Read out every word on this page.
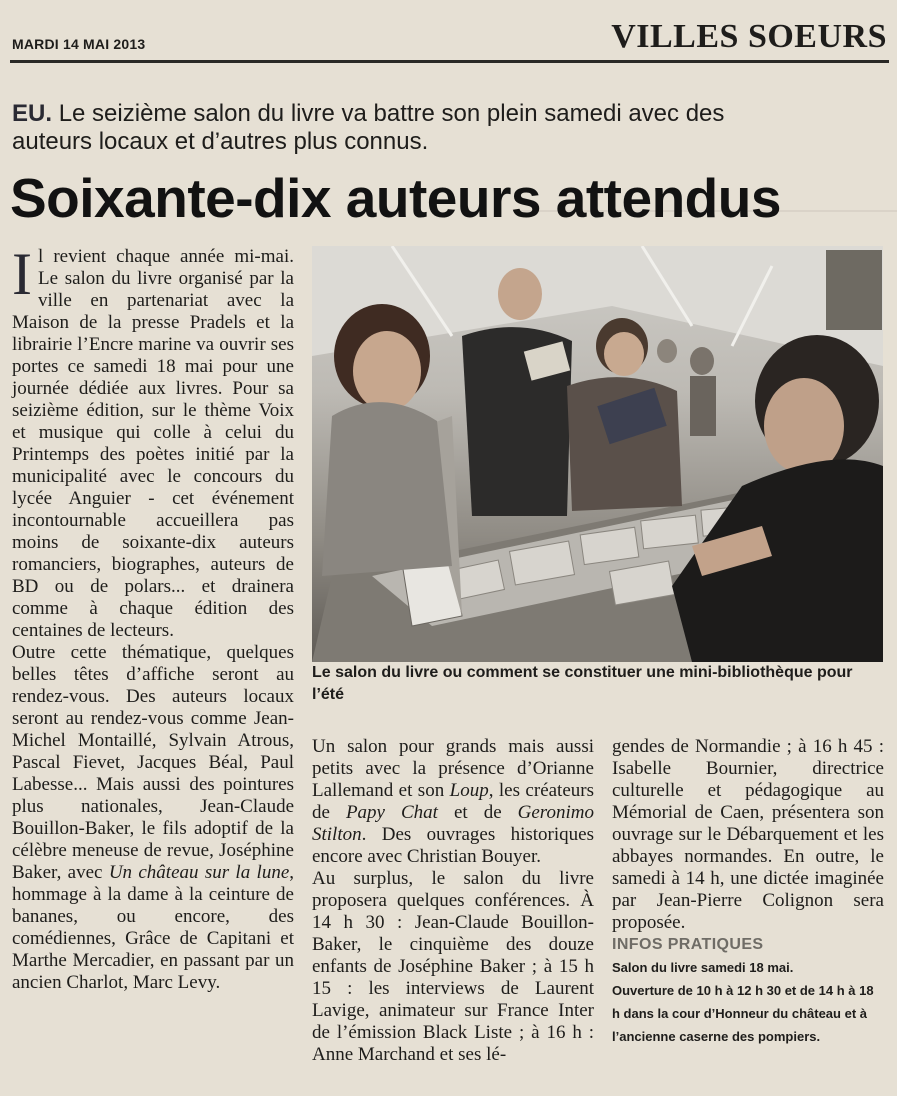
MARDI 14 MAI 2013	VILLES SOEURS
EU. Le seizième salon du livre va battre son plein samedi avec des auteurs locaux et d’autres plus connus.
Soixante-dix auteurs attendus

Il revient chaque année mi-mai. Le salon du livre organisé par la ville en partenariat avec la Maison de la presse Pradels et la librairie l’Encre marine va ouvrir ses portes ce samedi 18 mai pour une journée dédiée aux livres. Pour sa seizième édition, sur le thème Voix et musique qui colle à celui du Printemps des poètes initié par la municipalité avec le concours du lycée Anguier - cet événement incontournable accueillera pas moins de soixante-dix auteurs romanciers, biographes, auteurs de BD ou de polars... et drainera comme à chaque édition des centaines de lecteurs.

Outre cette thématique, quelques belles têtes d’affiche seront au rendez-vous. Des auteurs locaux seront au rendez-vous comme Jean-Michel Montaillé, Sylvain Atrous, Pascal Fievet, Jacques Béal, Paul Labesse... Mais aussi des pointures plus nationales, Jean-Claude Bouillon-Baker, le fils adoptif de la célèbre meneuse de revue, Joséphine Baker, avec Un château sur la lune, hommage à la dame à la ceinture de bananes, ou encore, des comédiennes, Grâce de Capitani et Marthe Mercadier, en passant par un ancien Charlot, Marc Levy.

Le salon du livre ou comment se constituer une mini-bibliothèque pour l’été

Un salon pour grands mais aussi petits avec la présence d’Orianne Lallemand et son Loup, les créateurs de Papy Chat et de Geronimo Stilton. Des ouvrages historiques encore avec Christian Bouyer.

Au surplus, le salon du livre proposera quelques conférences. À 14 h 30 : Jean-Claude Bouillon-Baker, le cinquième des douze enfants de Joséphine Baker ; à 15 h 15 : les interviews de Laurent Lavige, animateur sur France Inter de l’émission Black Liste ; à 16 h : Anne Marchand et ses lé-

gendes de Normandie ; à 16 h 45 : Isabelle Bournier, directrice culturelle et pédagogique au Mémorial de Caen, présentera son ouvrage sur le Débarquement et les abbayes normandes. En outre, le samedi à 14 h, une dictée imaginée par Jean-Pierre Colignon sera proposée.

INFOS PRATIQUES
Salon du livre samedi 18 mai.
Ouverture de 10 h à 12 h 30 et de 14 h à 18 h dans la cour d’Honneur du château et à l’ancienne caserne des pompiers.
